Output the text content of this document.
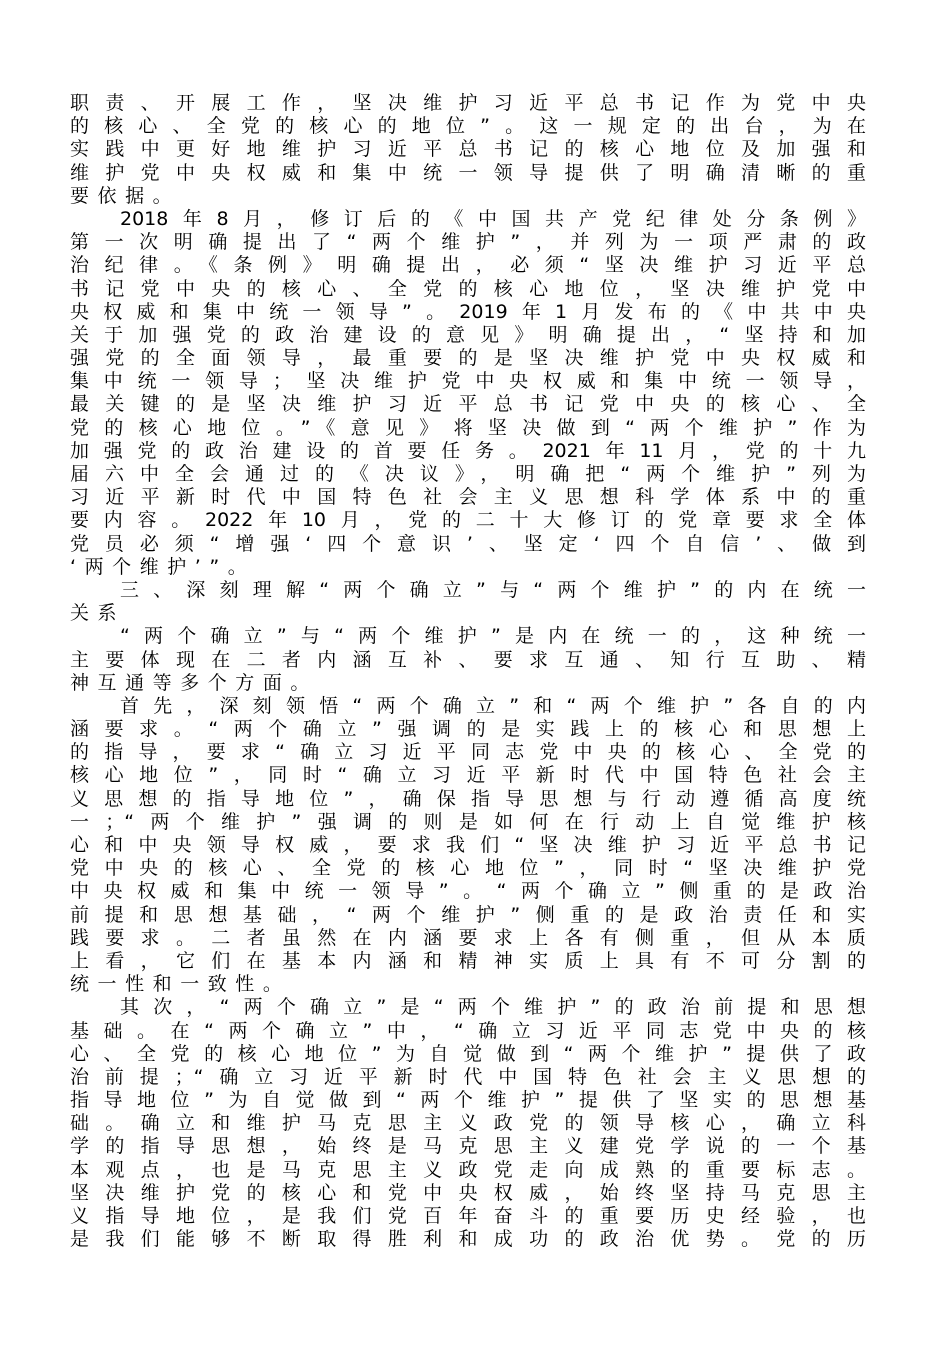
职责、开展工作，坚决维护习近平总书记作为党中央
的核心、全党的核心的地位”。这一规定的出台，为在
实践中更好地维护习近平总书记的核心地位及加强和
维护党中央权威和集中统一领导提供了明确清晰的重
要依据。
2018年8月，修订后的《中国共产党纪律处分条例》
第一次明确提出了“两个维护”，并列为一项严肃的政
治纪律。《条例》明确提出，必须“坚决维护习近平总
书记党中央的核心、全党的核心地位，坚决维护党中
央权威和集中统一领导”。2019年1月发布的《中共中央
关于加强党的政治建设的意见》明确提出，“坚持和加
强党的全面领导，最重要的是坚决维护党中央权威和
集中统一领导；坚决维护党中央权威和集中统一领导，
最关键的是坚决维护习近平总书记党中央的核心、全
党的核心地位。”《意见》将坚决做到“两个维护”作为
加强党的政治建设的首要任务。2021年11月，党的十九
届六中全会通过的《决议》，明确把“两个维护”列为
习近平新时代中国特色社会主义思想科学体系中的重
要内容。2022年10月，党的二十大修订的党章要求全体
党员必须“增强‘四个意识’、坚定‘四个自信’、做到
‘两个维护’”。
三、深刻理解“两个确立”与“两个维护”的内在统一
关系
“两个确立”与“两个维护”是内在统一的，这种统一
主要体现在二者内涵互补、要求互通、知行互助、精
神互通等多个方面。
首先，深刻领悟“两个确立”和“两个维护”各自的内
涵要求。“两个确立”强调的是实践上的核心和思想上
的指导，要求“确立习近平同志党中央的核心、全党的
核心地位”，同时“确立习近平新时代中国特色社会主
义思想的指导地位”，确保指导思想与行动遵循高度统
一；“两个维护”强调的则是如何在行动上自觉维护核
心和中央领导权威，要求我们“坚决维护习近平总书记
党中央的核心、全党的核心地位”，同时“坚决维护党
中央权威和集中统一领导”。“两个确立”侧重的是政治
前提和思想基础，“两个维护”侧重的是政治责任和实
践要求。二者虽然在内涵要求上各有侧重，但从本质
上看，它们在基本内涵和精神实质上具有不可分割的
统一性和一致性。
其次，“两个确立”是“两个维护”的政治前提和思想
基础。在“两个确立”中，“确立习近平同志党中央的核
心、全党的核心地位”为自觉做到“两个维护”提供了政
治前提；“确立习近平新时代中国特色社会主义思想的
指导地位”为自觉做到“两个维护”提供了坚实的思想基
础。确立和维护马克思主义政党的领导核心，确立科
学的指导思想，始终是马克思主义建党学说的一个基
本观点，也是马克思主义政党走向成熟的重要标志。
坚决维护党的核心和党中央权威，始终坚持马克思主
义指导地位，是我们党百年奋斗的重要历史经验，也
是我们能够不断取得胜利和成功的政治优势。党的历
